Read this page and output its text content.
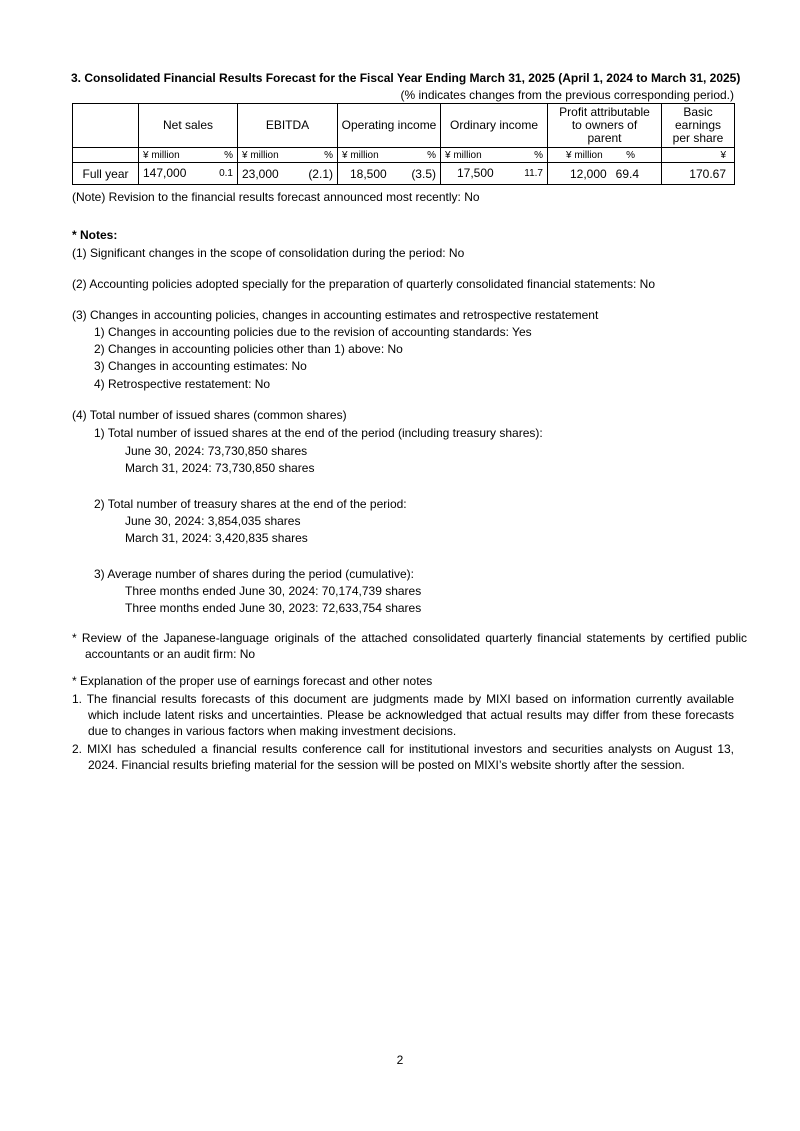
3. Consolidated Financial Results Forecast for the Fiscal Year Ending March 31, 2025 (April 1, 2024 to March 31, 2025)
(% indicates changes from the previous corresponding period.)
	Net sales	EBITDA	Operating income	Ordinary income	Profit attributable to owners of parent	Basic earnings per share

	¥ million %	¥ million %	¥ million %	¥ million %	¥ million %	¥
Full year	147,000 0.1	23,000 (2.1)	18,500 (3.5)	17,500 11.7	12,000 69.4	170.67
(Note) Revision to the financial results forecast announced most recently: No
* Notes:
(1) Significant changes in the scope of consolidation during the period: No
(2) Accounting policies adopted specially for the preparation of quarterly consolidated financial statements: No
(3) Changes in accounting policies, changes in accounting estimates and retrospective restatement
1) Changes in accounting policies due to the revision of accounting standards: Yes
2) Changes in accounting policies other than 1) above: No
3) Changes in accounting estimates: No
4) Retrospective restatement: No
(4) Total number of issued shares (common shares)
1) Total number of issued shares at the end of the period (including treasury shares):
June 30, 2024: 73,730,850 shares
March 31, 2024: 73,730,850 shares
2) Total number of treasury shares at the end of the period:
June 30, 2024: 3,854,035 shares
March 31, 2024: 3,420,835 shares
3) Average number of shares during the period (cumulative):
Three months ended June 30, 2024: 70,174,739 shares
Three months ended June 30, 2023: 72,633,754 shares
* Review of the Japanese-language originals of the attached consolidated quarterly financial statements by certified public accountants or an audit firm: No
* Explanation of the proper use of earnings forecast and other notes
1. The financial results forecasts of this document are judgments made by MIXI based on information currently available which include latent risks and uncertainties. Please be acknowledged that actual results may differ from these forecasts due to changes in various factors when making investment decisions.
2. MIXI has scheduled a financial results conference call for institutional investors and securities analysts on August 13, 2024. Financial results briefing material for the session will be posted on MIXI’s website shortly after the session.
2
